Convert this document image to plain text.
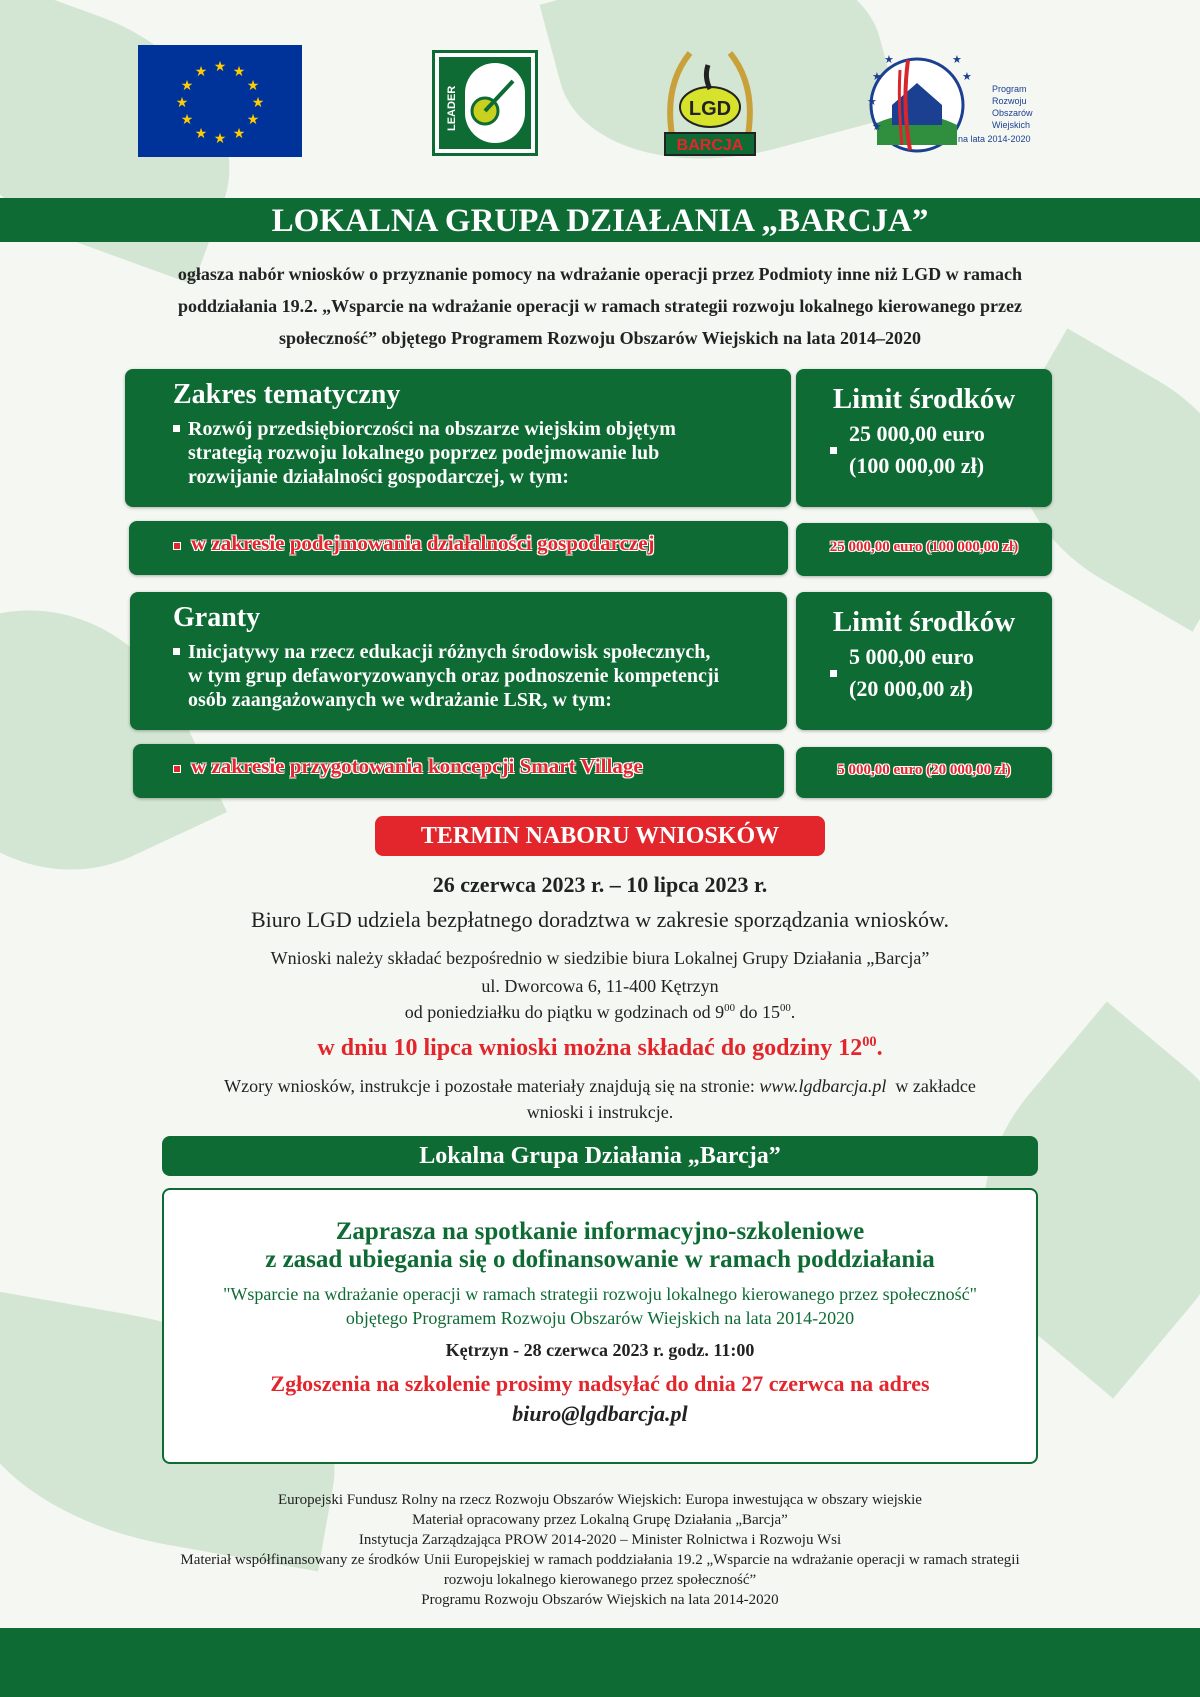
★ ★
★
★
★
★
★
★
★
★
★
★
LEADER	LGD
BARCJA
★
★
★
★	★
★
Program
Rozwoju
Obszarów
Wiejskich
na lata 2014-2020
LOKALNA GRUPA DZIAŁANIA „BARCJA”
ogłasza nabór wniosków o przyznanie pomocy na wdrażanie operacji przez Podmioty inne niż LGD w ramach
poddziałania 19.2. „Wsparcie na wdrażanie operacji w ramach strategii rozwoju lokalnego kierowanego przez
społeczność” objętego Programem Rozwoju Obszarów Wiejskich na lata 2014–2020
Zakres tematyczny
Rozwój przedsiębiorczości na obszarze wiejskim objętym
strategią rozwoju lokalnego poprzez podejmowanie lub
rozwijanie działalności gospodarczej, w tym:
Limit środków
25 000,00 euro
(100 000,00 zł)
w zakresie podejmowania działalności gospodarczej	25 000,00 euro (100 000,00 zł)
Granty
Inicjatywy na rzecz edukacji różnych środowisk społecznych,
w tym grup defaworyzowanych oraz podnoszenie kompetencji
osób zaangażowanych we wdrażanie LSR, w tym:
Limit środków
5 000,00 euro
(20 000,00 zł)
w zakresie przygotowania koncepcji Smart Village	5 000,00 euro (20 000,00 zł)
TERMIN NABORU WNIOSKÓW
26 czerwca 2023 r. – 10 lipca 2023 r.
Biuro LGD udziela bezpłatnego doradztwa w zakresie sporządzania wniosków.
Wnioski należy składać bezpośrednio w siedzibie biura Lokalnej Grupy Działania „Barcja”
ul. Dworcowa 6, 11-400 Kętrzyn
od poniedziałku do piątku w godzinach od $9^{00}$ do $15^{00}$.
w dniu 10 lipca wnioski można składać do godziny $12^{00}$.
Wzory wniosków, instrukcje i pozostałe materiały znajdują się na stronie: www.lgdbarcja.pl  w zakładce
wnioski i instrukcje.
Lokalna Grupa Działania „Barcja”
Zaprasza na spotkanie informacyjno-szkoleniowe
z zasad ubiegania się o dofinansowanie w ramach poddziałania
"Wsparcie na wdrażanie operacji w ramach strategii rozwoju lokalnego kierowanego przez społeczność"
objętego Programem Rozwoju Obszarów Wiejskich na lata 2014-2020
Kętrzyn - 28 czerwca 2023 r. godz. 11:00
Zgłoszenia na szkolenie prosimy nadsyłać do dnia 27 czerwca na adres
biuro@lgdbarcja.pl
Europejski Fundusz Rolny na rzecz Rozwoju Obszarów Wiejskich: Europa inwestująca w obszary wiejskie
Materiał opracowany przez Lokalną Grupę Działania „Barcja”
Instytucja Zarządzająca PROW 2014-2020 – Minister Rolnictwa i Rozwoju Wsi
Materiał współfinansowany ze środków Unii Europejskiej w ramach poddziałania 19.2 „Wsparcie na wdrażanie operacji w ramach strategii
rozwoju lokalnego kierowanego przez społeczność”
Programu Rozwoju Obszarów Wiejskich na lata 2014-2020
